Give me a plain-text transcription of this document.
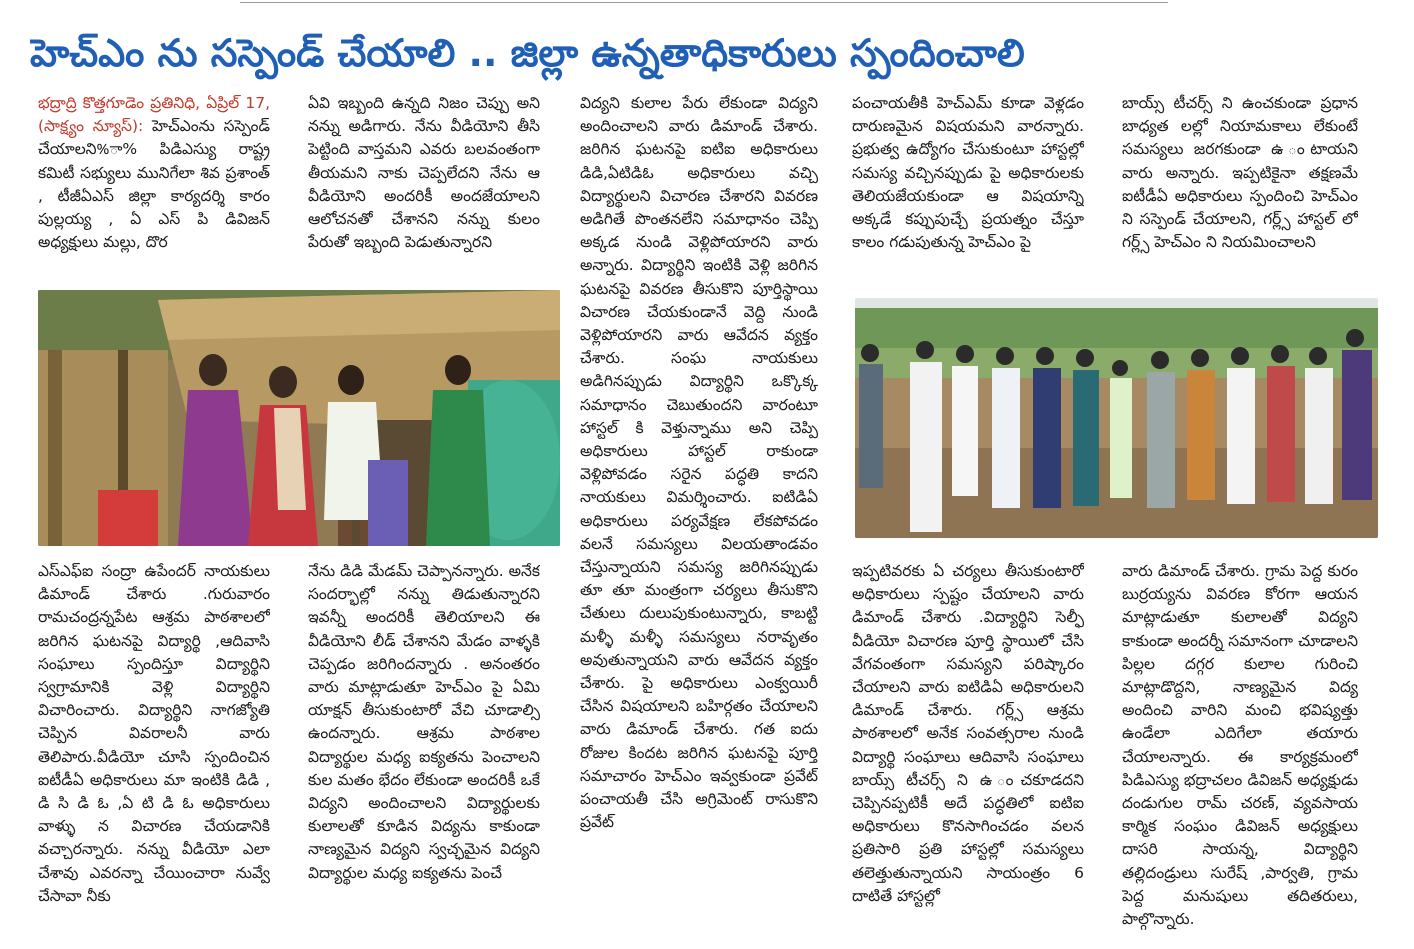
హెచ్‌ఎం ను సస్పెండ్ చేయాలి .. జిల్లా ఉన్నతాధికారులు స్పందించాలి
భద్రాద్రి కొత్తగూడెం ప్రతినిధి, ఏప్రిల్ 17,(సాక్ష్యం న్యూస్): హెచ్‌ఎంను సస్పెండ్ చేయాలని%ా% పిడిఎస్యు రాష్ట్ర కమిటీ సభ్యులు మునిగేలా శివ ప్రశాంత్ , టీజీఏఎస్ జిల్లా కార్యదర్శి కారం పుల్లయ్య , ఏ ఎస్ పి డివిజన్ అధ్యక్షులు మల్లు, దొర
ఏవి ఇబ్బంది ఉన్నది నిజం చెప్పు అని నన్ను అడిగారు. నేను వీడియోని తీసి పెట్టింది వాస్తమని ఎవరు బలవంతంగా తీయమని నాకు చెప్పలేదని నేను ఆ వీడియోని అందరికీ అందజేయాలని ఆలోచనతో చేశానని నన్ను కులం పేరుతో ఇబ్బంది పెడుతున్నారని
విద్యని కులాల పేరు లేకుండా విద్యని అందించాలని వారు డిమాండ్ చేశారు. జరిగిన ఘటనపై ఐటిఐ అధికారులు డిడి,ఏటిడిఓ అధికారులు వచ్చి విద్యార్థులని విచారణ చేశారని వివరణ అడిగితే పొంతనలేని సమాధానం చెప్పి అక్కడ నుండి వెళ్లిపోయారని వారు అన్నారు. విద్యార్థిని ఇంటికి వెళ్లి జరిగిన ఘటనపై వివరణ తీసుకొని పూర్తిస్థాయి విచారణ చేయకుండానే వెద్ది నుండి వెళ్లిపోయారని వారు ఆవేదన వ్యక్తం చేశారు. సంఘ నాయకులు అడిగినప్పుడు విద్యార్థిని ఒక్కొక్క సమాధానం చెబుతుందని వారంటూ హాస్టల్ కి వెళ్తున్నాము అని చెప్పి అధికారులు హాస్టల్ రాకుండా వెళ్లిపోవడం సరైన పద్ధతి కాదని నాయకులు విమర్శించారు. ఐటిడిఏ అధికారులు పర్యవేక్షణ లేకపోవడం వలనే సమస్యలు విలయతాండవం చేస్తున్నాయని సమస్య జరిగినప్పుడు తూ తూ మంత్రంగా చర్యలు తీసుకొని చేతులు దులుపుకుంటున్నారు, కాబట్టి మళ్ళీ మళ్ళీ సమస్యలు నరావృతం అవుతున్నాయని వారు ఆవేదన వ్యక్తం చేశారు. పై అధికారులు ఎంక్వయిరీ చేసిన విషయాలని బహిర్గతం చేయాలని వారు డిమాండ్ చేశారు. గత ఐదు రోజుల కిందట జరిగిన ఘటనపై పూర్తి సమాచారం హెచ్ఎం ఇవ్వకుండా ప్రవేట్ పంచాయతీ చేసి అగ్రిమెంట్ రాసుకొని ప్రవేట్
పంచాయతీకి హెచ్ఎమ్ కూడా వెళ్లడం దారుణమైన విషయమని వారన్నారు. ప్రభుత్వ ఉద్యోగం చేసుకుంటూ హాస్టల్లో సమస్య వచ్చినప్పుడు పై అధికారులకు తెలియజేయకుండా ఆ విషయాన్ని అక్కడే కప్పుపుచ్చే ప్రయత్నం చేస్తూ కాలం గడుపుతున్న హెచ్ఎం పై
బాయ్స్ టీచర్స్ ని ఉంచకుండా ప్రధాన బాధ్యత లల్లో నియామకాలు లేకుంటే సమస్యలు జరగకుండా ఉ ంటాయని వారు అన్నారు. ఇప్పటికైనా తక్షణమే ఐటీడీఏ అధికారులు స్పందించి హెచ్ఎం ని సస్పెండ్ చేయాలని, గర్ల్స్ హాస్టల్ లో గర్ల్స్ హెచ్ఎం ని నియమించాలని
ఎస్ఎఫ్ఐ సంద్రా ఉపేందర్ నాయకులు డిమాండ్ చేశారు .గురువారం రామచంద్రన్నపేట ఆశ్రమ పాఠశాలలో జరిగిన ఘటనపై విద్యార్థి ,ఆదివాసి సంఘాలు స్పందిస్తూ విద్యార్థిని స్వగ్రామానికి వెళ్లి విద్యార్థిని విచారించారు. విద్యార్థిని నాగజ్యోతి చెప్పిన వివరాలనీ వారు తెలిపారు.వీడియో చూసి స్పందించిన ఐటీడీఏ అధికారులు మా ఇంటికి డిడి , డి సి డి ఓ ,ఏ టి డి ఓ అధికారులు వాళ్ళు న విచారణ చేయడానికి వచ్చారన్నారు. నన్ను వీడియో ఎలా చేశావు ఎవరన్నా చేయించారా నువ్వే చేసావా నీకు
నేను డిడి మేడమ్ చెప్పానన్నారు. అనేక సందర్భాల్లో నన్ను తిడుతున్నారని ఇవన్నీ అందరికీ తెలియాలని ఈ వీడియోని లీడ్ చేశానని మేడం వాళ్ళకి చెప్పడం జరిగిందన్నారు . అనంతరం వారు మాట్లాడుతూ హెచ్ఎం పై ఏమి యాక్షన్ తీసుకుంటారో వేచి చూడాల్సి ఉందన్నారు. ఆశ్రమ పాఠశాల విద్యార్థుల మధ్య ఐక్యతను పెంచాలని కుల మతం భేదం లేకుండా అందరికీ ఒకే విద్యని అందించాలని విద్యార్థులకు కులాలతో కూడిన విద్యను కాకుండా నాణ్యమైన విద్యని స్వచ్ఛమైన విద్యని విద్యార్థుల మధ్య ఐక్యతను పెంచే
ఇప్పటివరకు ఏ చర్యలు తీసుకుంటారో అధికారులు స్పష్టం చేయాలని వారు డిమాండ్ చేశారు .విద్యార్థిని సెల్ఫీ వీడియో విచారణ పూర్తి స్థాయిలో చేసి వేగవంతంగా సమస్యని పరిష్కారం చేయాలని వారు ఐటిడిఏ అధికారులని డిమాండ్ చేశారు. గర్ల్స్ ఆశ్రమ పాఠశాలలో అనేక సంవత్సరాల నుండి విద్యార్థి సంఘాలు ఆదివాసి సంఘాలు బాయ్స్ టీచర్స్ ని ఉ ంచకూడదని చెప్పినప్పటికీ అదే పద్ధతిలో ఐటిఐ అధికారులు కొనసాగించడం వలన ప్రతిసారి ప్రతి హాస్టల్లో సమస్యలు తలెత్తుతున్నాయని సాయంత్రం 6 దాటితే హాస్టల్లో
వారు డిమాండ్ చేశారు. గ్రామ పెద్ద కురం బుర్రయ్యను వివరణ కోరగా ఆయన మాట్లాడుతూ కులాలతో విద్యని కాకుండా అందర్నీ సమానంగా చూడాలని పిల్లల దగ్గర కులాల గురించి మాట్లాడొద్దని, నాణ్యమైన విద్య అందించి వారిని మంచి భవిష్యత్తు ఉండేలా ఎదిగేలా తయారు చేయాలన్నారు. ఈ కార్యక్రమంలో పిడిఎస్యు భద్రాచలం డివిజన్ అధ్యక్షుడు దండుగుల రామ్ చరణ్, వ్యవసాయ కార్మిక సంఘం డివిజన్ అధ్యక్షులు దాసరి సాయన్న, విద్యార్థిని తల్లిదండ్రులు సురేష్ ,పార్వతి, గ్రామ పెద్ద మనుషులు తదితరులు, పాల్గొన్నారు.
